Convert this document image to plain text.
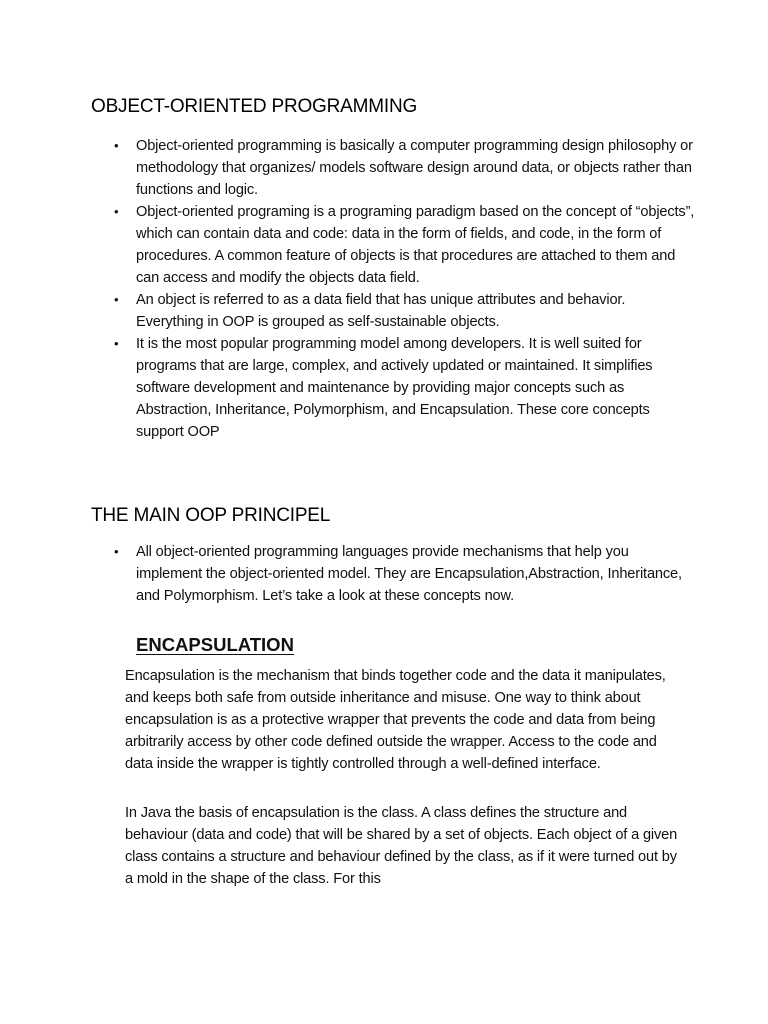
OBJECT-ORIENTED PROGRAMMING
• Object-oriented programming is basically a computer programming design philosophy or methodology that organizes/ models software design around data, or objects rather than functions and logic.
• Object-oriented programing is a programing paradigm based on the concept of “objects”, which can contain data and code: data in the form of fields, and code, in the form of procedures. A common feature of objects is that procedures are attached to them and can access and modify the objects data field.
• An object is referred to as a data field that has unique attributes and behavior. Everything in OOP is grouped as self-sustainable objects.
• It is the most popular programming model among developers. It is well suited for programs that are large, complex, and actively updated or maintained. It simplifies software development and maintenance by providing major concepts such as Abstraction, Inheritance, Polymorphism, and Encapsulation. These core concepts support OOP
THE MAIN OOP PRINCIPEL
• All object-oriented programming languages provide mechanisms that help you implement the object-oriented model. They are Encapsulation,Abstraction, Inheritance, and Polymorphism. Let’s take a look at these concepts now.
ENCAPSULATION

Encapsulation is the mechanism that binds together code and the data it manipulates, and keeps both safe from outside inheritance and misuse. One way to think about encapsulation is as a protective wrapper that prevents the code and data from being arbitrarily access by other code defined outside the wrapper. Access to the code and data inside the wrapper is tightly controlled through a well-defined interface.

In Java the basis of encapsulation is the class. A class defines the structure and behaviour (data and code) that will be shared by a set of objects. Each object of a given class contains a structure and behaviour defined by the class, as if it were turned out by a mold in the shape of the class. For this
